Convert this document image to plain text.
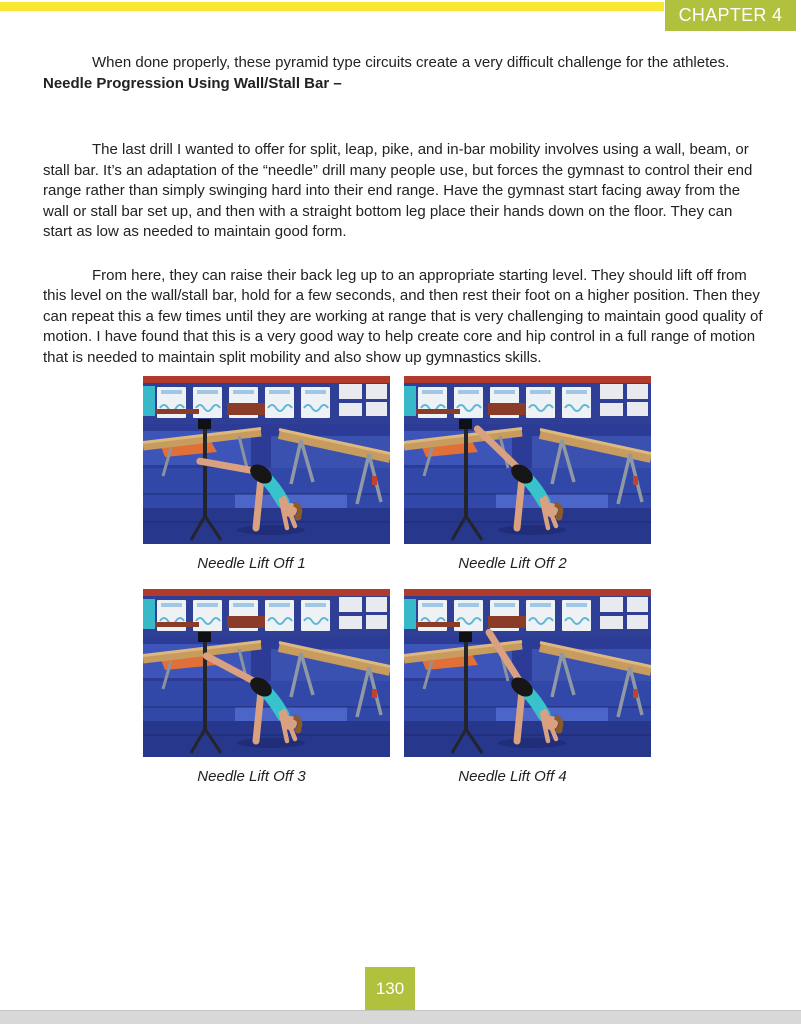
CHAPTER 4

When done properly, these pyramid type circuits create a very difficult challenge for the athletes.

Needle Progression Using Wall/Stall Bar –

The last drill I wanted to offer for split, leap, pike, and in-bar mobility involves using a wall, beam, or stall bar. It’s an adaptation of the “needle” drill many people use, but forces the gymnast to control their end range rather than simply swinging hard into their end range. Have the gymnast start facing away from the wall or stall bar set up, and then with a straight bottom leg place their hands down on the floor. They can start as low as needed to maintain good form.

From here, they can raise their back leg up to an appropriate starting level. They should lift off from this level on the wall/stall bar, hold for a few seconds, and then rest their foot on a higher position. Then they can repeat this a few times until they are working at range that is very challenging to maintain good quality of motion. I have found that this is a very good way to help create core and hip control in a full range of motion that is needed to maintain split mobility and also show up gymnastics skills.

Needle Lift Off 1	Needle Lift Off 2
Needle Lift Off 3	Needle Lift Off 4
130
